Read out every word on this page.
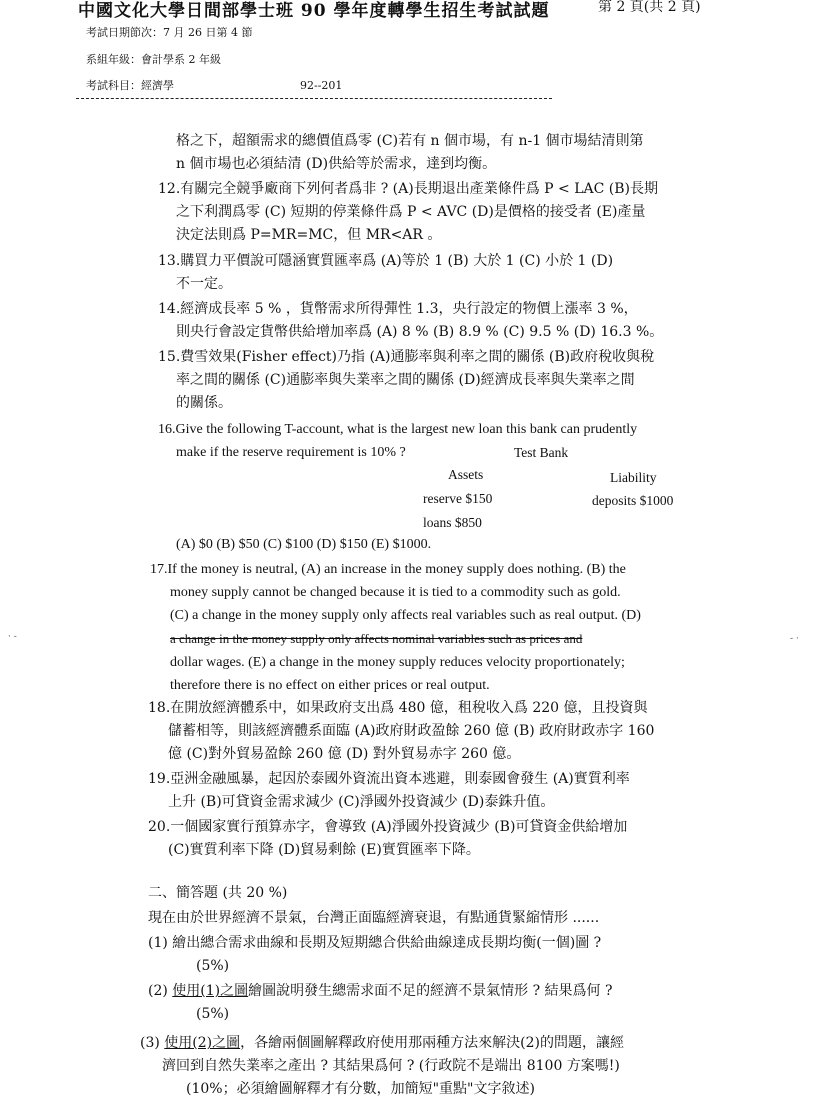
中國文化大學日間部學士班 90 學年度轉學生招生考試試題	第 2 頁(共 2 頁)
考試日期節次：7 月 26 日第 4 節
系組年級：會計學系 2 年級
考試科目：經濟學	92--201
格之下，超額需求的總價值爲零 (C)若有 n 個市場，有 n-1 個市場結清則第
n 個市場也必須結清 (D)供給等於需求，達到均衡。
12.有關完全競爭廠商下列何者爲非 ? (A)長期退出產業條件爲 P < LAC (B)長期
之下利潤爲零 (C) 短期的停業條件爲 P < AVC (D)是價格的接受者 (E)產量
決定法則爲 P=MR=MC，但 MR<AR 。
13.購買力平價說可隱涵實質匯率爲 (A)等於 1 (B) 大於 1 (C) 小於 1 (D)
不一定。
14.經濟成長率 5 % ，貨幣需求所得彈性 1.3，央行設定的物價上漲率 3 %，
則央行會設定貨幣供給增加率爲 (A) 8 % (B) 8.9 % (C) 9.5 % (D) 16.3 %。
15.費雪效果(Fisher effect)乃指 (A)通膨率與利率之間的關係 (B)政府稅收與稅
率之間的關係 (C)通膨率與失業率之間的關係 (D)經濟成長率與失業率之間
的關係。
16.Give the following T-account, what is the largest new loan this bank can prudently
make if the reserve requirement is 10% ?	Test Bank
Assets	Liability
reserve $150	deposits $1000
loans $850
(A) $0 (B) $50 (C) $100 (D) $150 (E) $1000.
17.If the money is neutral, (A) an increase in the money supply does nothing. (B) the
money supply cannot be changed because it is tied to a commodity such as gold.
(C) a change in the money supply only affects real variables such as real output. (D)
a change in the money supply only affects nominal variables such as prices and
dollar wages. (E) a change in the money supply reduces velocity proportionately;
therefore there is no effect on either prices or real output.
18.在開放經濟體系中，如果政府支出爲 480 億，租稅收入爲 220 億，且投資與
儲蓄相等，則該經濟體系面臨 (A)政府財政盈餘 260 億 (B) 政府財政赤字 160
億 (C)對外貿易盈餘 260 億 (D) 對外貿易赤字 260 億。
19.亞洲金融風暴，起因於泰國外資流出資本逃避，則泰國會發生 (A)實質利率
上升 (B)可貸資金需求減少 (C)淨國外投資減少 (D)泰銖升值。
20.一個國家實行預算赤字，會導致 (A)淨國外投資減少 (B)可貸資金供給增加
(C)實質利率下降 (D)貿易剩餘 (E)實質匯率下降。
二、簡答題 (共 20 %)
現在由於世界經濟不景氣，台灣正面臨經濟衰退，有點通貨緊縮情形 ......
(1) 繪出總合需求曲線和長期及短期總合供給曲線達成長期均衡(一個)圖 ?
(5%)
(2) 使用(1)之圖繪圖說明發生總需求面不足的經濟不景氣情形 ? 結果爲何 ?
(5%)
(3) 使用(2)之圖，各繪兩個圖解釋政府使用那兩種方法來解決(2)的問題，讓經
濟回到自然失業率之產出 ? 其結果爲何 ? (行政院不是端出 8100 方案嗎!)
(10%；必須繪圖解釋才有分數，加簡短"重點"文字敘述)
· -	- ·
